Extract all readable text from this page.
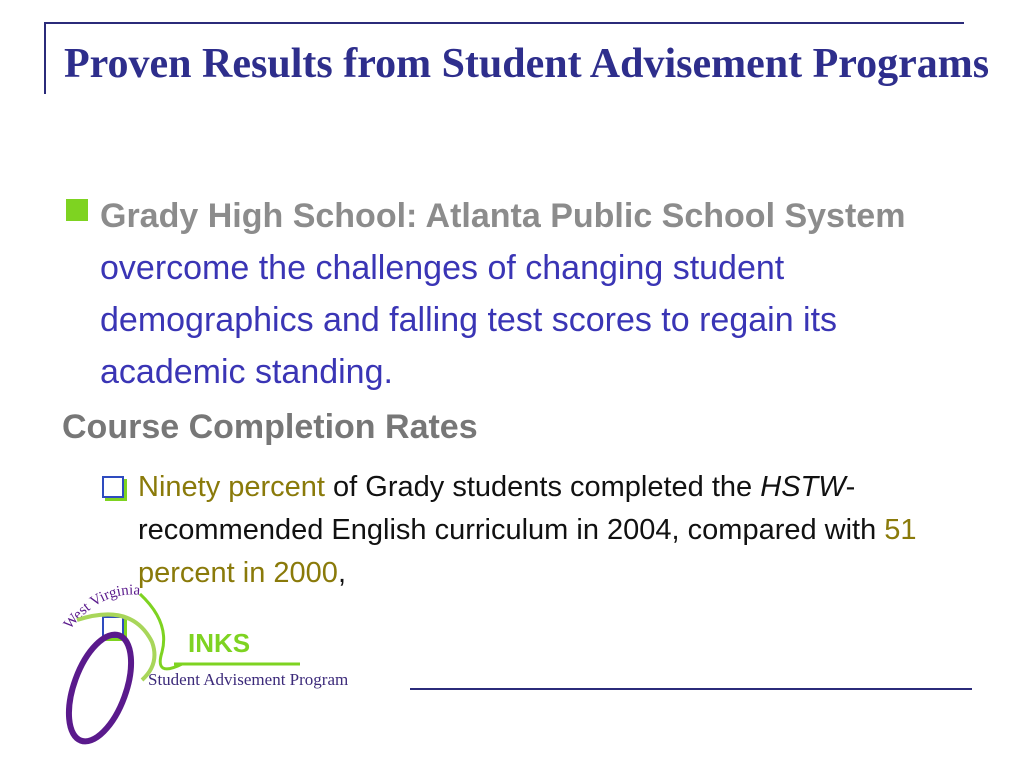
Proven Results from Student Advisement Programs

Grady High School: Atlanta Public School System overcome the challenges of changing student demographics and falling test scores to regain its academic standing.

Course Completion Rates

Ninety percent of Grady students completed the HSTW-recommended English curriculum in 2004, compared with 51 percent in 2000,

West Virginia
INKS
Student Advisement Program
